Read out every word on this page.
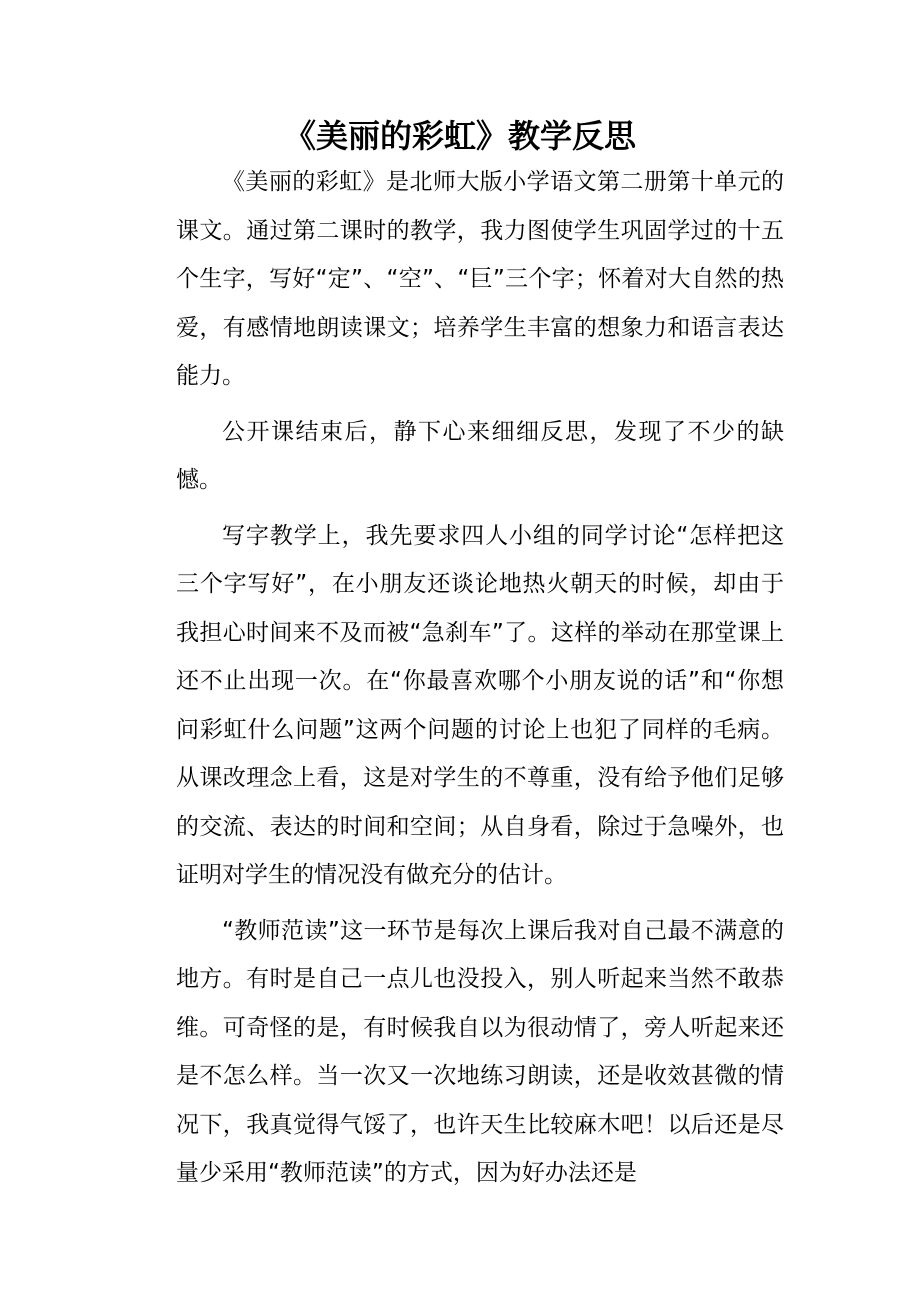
《美丽的彩虹》教学反思

《美丽的彩虹》是北师大版小学语文第二册第十单元的课文。通过第二课时的教学，我力图使学生巩固学过的十五个生字，写好“定”、“空”、“巨”三个字；怀着对大自然的热爱，有感情地朗读课文；培养学生丰富的想象力和语言表达能力。

公开课结束后，静下心来细细反思，发现了不少的缺憾。

写字教学上，我先要求四人小组的同学讨论“怎样把这三个字写好”，在小朋友还谈论地热火朝天的时候，却由于我担心时间来不及而被“急刹车”了。这样的举动在那堂课上还不止出现一次。在“你最喜欢哪个小朋友说的话”和“你想问彩虹什么问题”这两个问题的讨论上也犯了同样的毛病。从课改理念上看，这是对学生的不尊重，没有给予他们足够的交流、表达的时间和空间；从自身看，除过于急噪外，也证明对学生的情况没有做充分的估计。

“教师范读”这一环节是每次上课后我对自己最不满意的地方。有时是自己一点儿也没投入，别人听起来当然不敢恭维。可奇怪的是，有时候我自以为很动情了，旁人听起来还是不怎么样。当一次又一次地练习朗读，还是收效甚微的情况下，我真觉得气馁了，也许天生比较麻木吧！以后还是尽量少采用“教师范读”的方式，因为好办法还是
